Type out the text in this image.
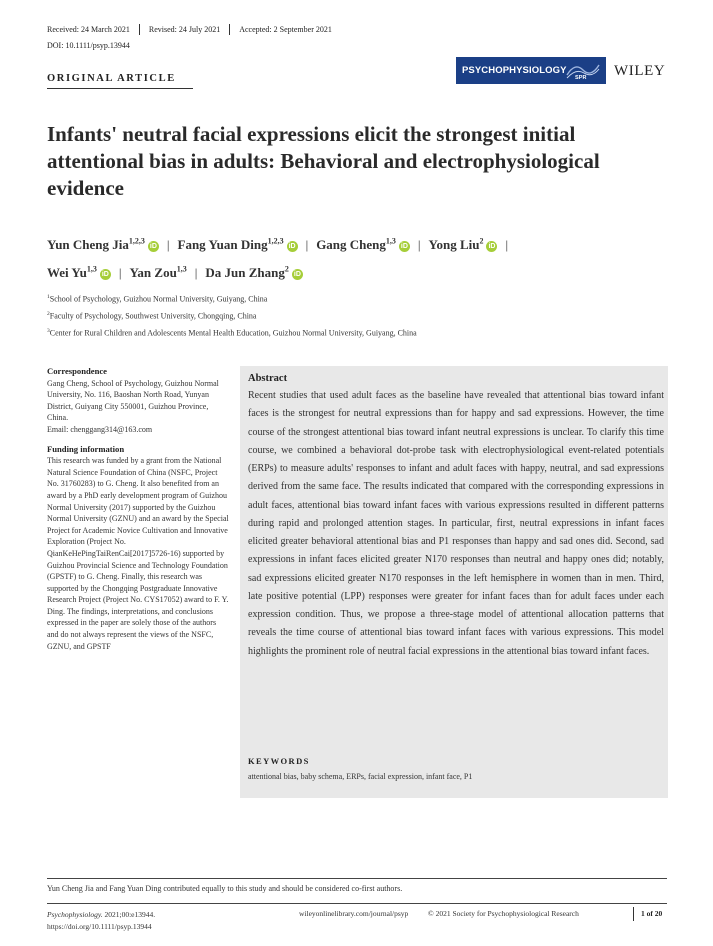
Received: 24 March 2021 Revised: 24 July 2021 Accepted: 2 September 2021
DOI: 10.1111/psyp.13944
ORIGINAL ARTICLE
PSYCHOPHYSIOLOGY
SPR WILEY
Infants' neutral facial expressions elicit the strongest initial attentional bias in adults: Behavioral and electrophysiological evidence
Yun Cheng Jia$^{1,2,3}$iD | Fang Yuan Ding$^{1,2,3}$iD | Gang Cheng$^{1,3}$iD | Yong Liu$^2$iD |
Wei Yu$^{1,3}$iD | Yan Zou$^{1,3}$ | Da Jun Zhang$^2$iD
$^1$School of Psychology, Guizhou Normal University, Guiyang, China
$^2$Faculty of Psychology, Southwest University, Chongqing, China
$^3$Center for Rural Children and Adolescents Mental Health Education, Guizhou Normal University, Guiyang, China
Correspondence
Gang Cheng, School of Psychology, Guizhou Normal University, No. 116, Baoshan North Road, Yunyan District, Guiyang City 550001, Guizhou Province, China.
Email: chenggang314@163.com
Funding information
This research was funded by a grant from the National Natural Science Foundation of China (NSFC, Project No. 31760283) to G. Cheng. It also benefited from an award by a PhD early development program of Guizhou Normal University (2017) supported by the Guizhou Normal University (GZNU) and an award by the Special Project for Academic Novice Cultivation and Innovative Exploration (Project No. QianKeHePingTaiRenCai[2017]5726-16) supported by Guizhou Provincial Science and Technology Foundation (GPSTF) to G. Cheng. Finally, this research was supported by the Chongqing Postgraduate Innovative Research Project (Project No. CYS17052) award to F. Y. Ding. The findings, interpretations, and conclusions expressed in the paper are solely those of the authors and do not always represent the views of the NSFC, GZNU, and GPSTF
Abstract
Recent studies that used adult faces as the baseline have revealed that attentional bias toward infant faces is the strongest for neutral expressions than for happy and sad expressions. However, the time course of the strongest attentional bias toward infant neutral expressions is unclear. To clarify this time course, we combined a behavioral dot-probe task with electrophysiological event-related potentials (ERPs) to measure adults' responses to infant and adult faces with happy, neutral, and sad expressions derived from the same face. The results indicated that compared with the corresponding expressions in adult faces, attentional bias toward infant faces with various expressions resulted in different patterns during rapid and prolonged attention stages. In particular, first, neutral expressions in infant faces elicited greater behavioral attentional bias and P1 responses than happy and sad ones did. Second, sad expressions in infant faces elicited greater N170 responses than neutral and happy ones did; notably, sad expressions elicited greater N170 responses in the left hemisphere in women than in men. Third, late positive potential (LPP) responses were greater for infant faces than for adult faces under each expression condition. Thus, we propose a three-stage model of attentional allocation patterns that reveals the time course of attentional bias toward infant faces with various expressions. This model highlights the prominent role of neutral facial expressions in the attentional bias toward infant faces.
KEYWORDS
attentional bias, baby schema, ERPs, facial expression, infant face, P1
Yun Cheng Jia and Fang Yuan Ding contributed equally to this study and should be considered co-first authors.
Psychophysiology. 2021;00:e13944.
https://doi.org/10.1111/psyp.13944
wileyonlinelibrary.com/journal/psyp	© 2021 Society for Psychophysiological Research	1 of 20
